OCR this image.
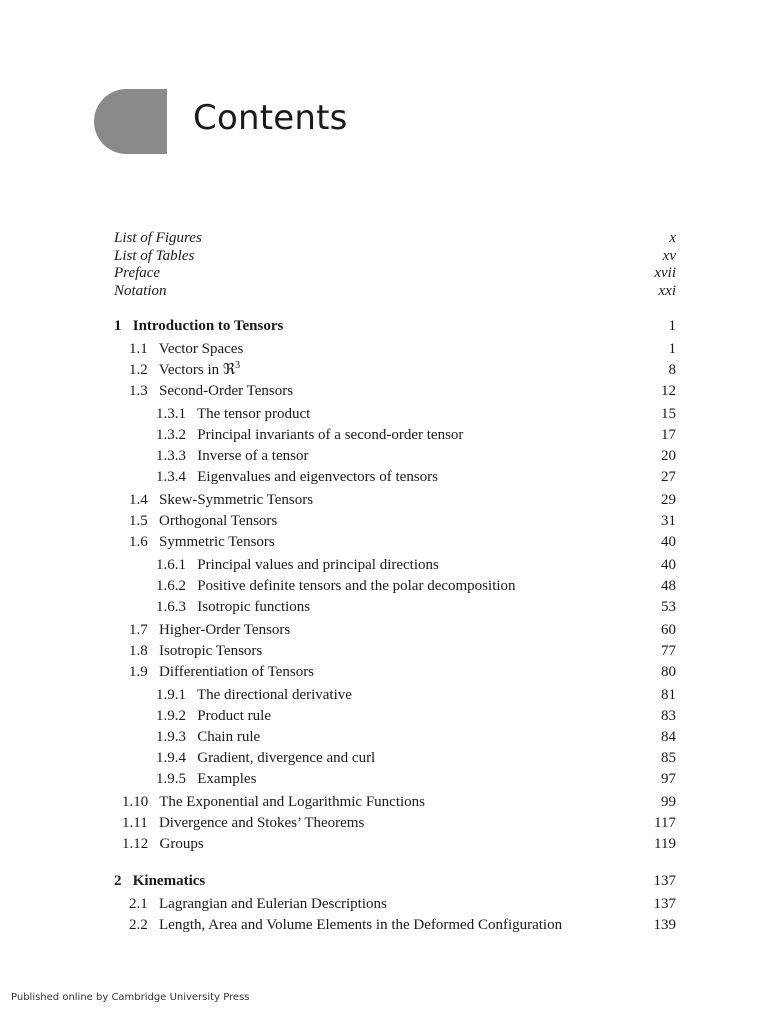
Contents
List of Figures	x
List of Tables	xv
Preface	xvii
Notation	xxi
1   Introduction to Tensors	1
1.1   Vector Spaces	1
1.2   Vectors in ℜ$^3$	8
1.3   Second-Order Tensors	12
1.3.1   The tensor product	15
1.3.2   Principal invariants of a second-order tensor	17
1.3.3   Inverse of a tensor	20
1.3.4   Eigenvalues and eigenvectors of tensors	27
1.4   Skew-Symmetric Tensors	29
1.5   Orthogonal Tensors	31
1.6   Symmetric Tensors	40
1.6.1   Principal values and principal directions	40
1.6.2   Positive definite tensors and the polar decomposition	48
1.6.3   Isotropic functions	53
1.7   Higher-Order Tensors	60
1.8   Isotropic Tensors	77
1.9   Differentiation of Tensors	80
1.9.1   The directional derivative	81
1.9.2   Product rule	83
1.9.3   Chain rule	84
1.9.4   Gradient, divergence and curl	85
1.9.5   Examples	97
1.10   The Exponential and Logarithmic Functions	99
1.11   Divergence and Stokes’ Theorems	117
1.12   Groups	119
2   Kinematics	137
2.1   Lagrangian and Eulerian Descriptions	137
2.2   Length, Area and Volume Elements in the Deformed Configuration	139
Published online by Cambridge University Press
